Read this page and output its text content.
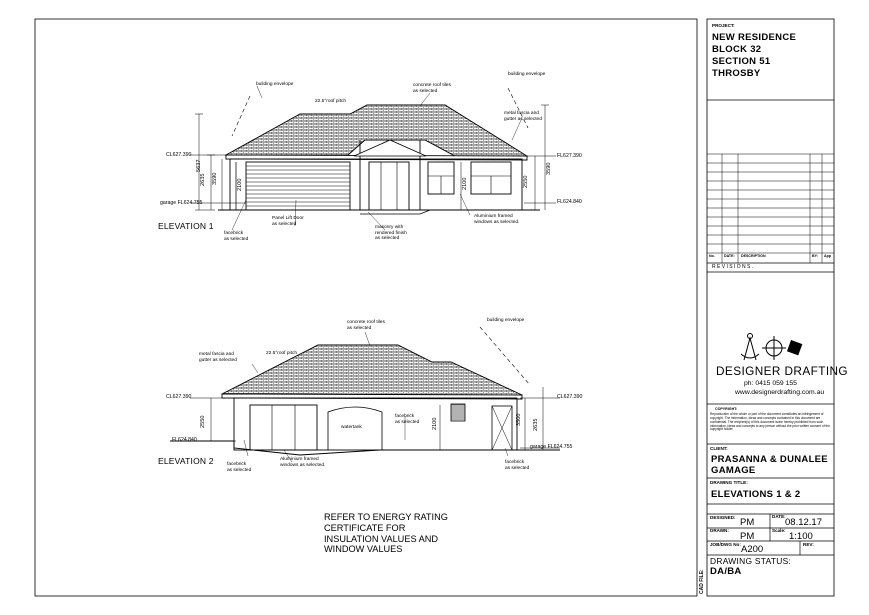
PROJECT:
NEW RESIDENCE
BLOCK 32
SECTION 51
THROSBY
No.	DATE: DESCRIPTION	BY: App
R E V I S I O N S .
DESIGNER DRAFTING
ph: 0415 059 155
www.designerdrafting.com.au
COPYRIGHT:
Reproduction of the whole or part of the document constitutes an infringement of copyright. The information, ideas and concepts contained in this document are confidential. The recipient(s) of this document is/are hereby prohibited from such information, ideas and concepts to any person without the prior written consent of the copyright holder.
CLIENT:
PRASANNA & DUNALEE
GAMAGE
DRAWING TITLE:
ELEVATIONS 1 & 2
DESIGNED: PM
DATE:
08.12.17
DRAWN:
PM
Scale:
1:100
JOB/DWG No: A200	REV:
DRAWING STATUS:
DA/BA
CAD FILE:
ELEVATION 1
building envelope
building envelope
concrete roof tiles
as selected
22.5°roof pitch
metal fascia and
gutter as selected
facebrick
as selected
Panel Lift Door
as selected
masonry with
rendered finish
as selected
Aluminium framed
windows as selected.
CL627.390	FL627.390
garage FL624.755	FL624.840
2635 3590	2100	2550
3590
2100
5637
ELEVATION 2
concrete roof tiles
as selected
building envelope
metal fascia and
gutter as selected
22.5°roof pitch
watertank
facebrick
as selected
facebrick
as selected
facebrick
as selected
Aluminium framed
windows as selected.
CL627.390
FL624.840
CL627.390
garage FL624.755
2550	2635
3500
2100
REFER TO ENERGY RATING
CERTIFICATE FOR
INSULATION VALUES AND
WINDOW VALUES
